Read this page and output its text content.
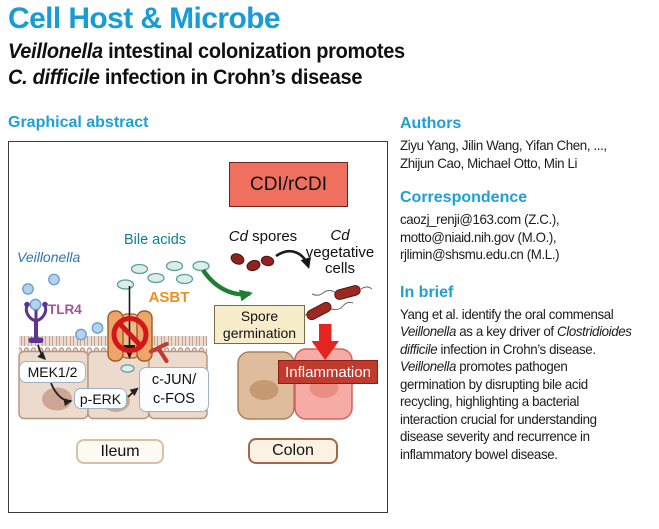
Cell Host & Microbe
Veillonella intestinal colonization promotes
C. difficile infection in Crohn’s disease
Graphical abstract
CDI/rCDI
Bile acids
Veillonella
Cd spores	Cd
vegetative
cells
ASBT
TLR4
MEK1/2
p-ERK
c-JUN/
c-FOS
Spore
germination
Inflammation
Ileum	Colon
Authors
Ziyu Yang, Jilin Wang, Yifan Chen, ...,
Zhijun Cao, Michael Otto, Min Li
Correspondence
caozj_renji@163.com (Z.C.),
motto@niaid.nih.gov (M.O.),
rjlimin@shsmu.edu.cn (M.L.)
In brief
Yang et al. identify the oral commensal
Veillonella as a key driver of Clostridioides
difficile infection in Crohn’s disease.
Veillonella promotes pathogen
germination by disrupting bile acid
recycling, highlighting a bacterial
interaction crucial for understanding
disease severity and recurrence in
inflammatory bowel disease.
